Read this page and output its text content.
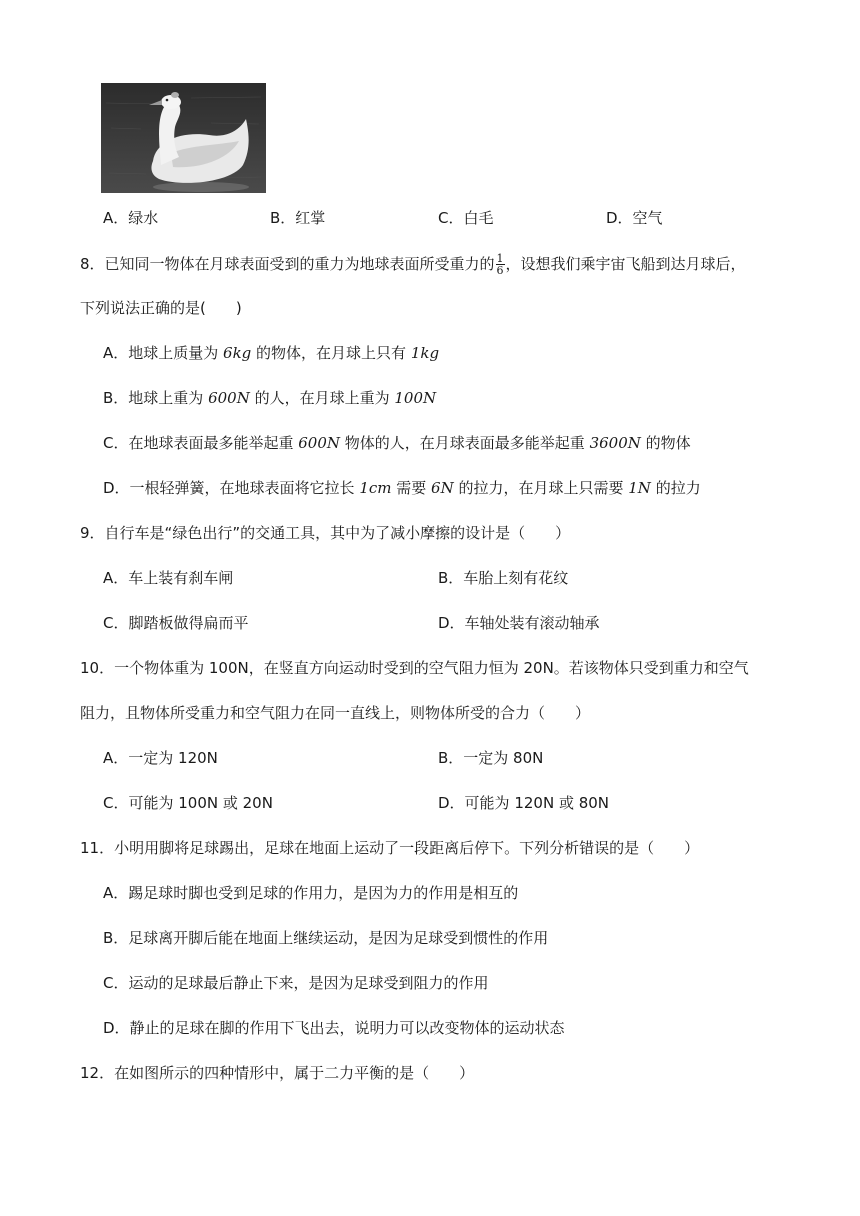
A．绿水	B．红掌	C．白毛	D．空气
8．已知同一物体在月球表面受到的重力为地球表面所受重力的 $\frac{1}{6}$ ，设想我们乘宇宙飞船到达月球后，
下列说法正确的是(　　)
A．地球上质量为 6kg 的物体，在月球上只有 1kg
B．地球上重为 600N 的人，在月球上重为 100N
C．在地球表面最多能举起重 600N 物体的人，在月球表面最多能举起重 3600N 的物体
D．一根轻弹簧，在地球表面将它拉长 1cm 需要 6N 的拉力，在月球上只需要 1N 的拉力
9．自行车是“绿色出行”的交通工具，其中为了减小摩擦的设计是（　　）
A．车上装有刹车闸	B．车胎上刻有花纹
C．脚踏板做得扁而平	D．车轴处装有滚动轴承
10．一个物体重为 100N，在竖直方向运动时受到的空气阻力恒为 20N。若该物体只受到重力和空气
阻力，且物体所受重力和空气阻力在同一直线上，则物体所受的合力（　　）
A．一定为 120N	B．一定为 80N
C．可能为 100N 或 20N	D．可能为 120N 或 80N
11．小明用脚将足球踢出，足球在地面上运动了一段距离后停下。下列分析错误的是（　　）
A．踢足球时脚也受到足球的作用力，是因为力的作用是相互的
B．足球离开脚后能在地面上继续运动，是因为足球受到惯性的作用
C．运动的足球最后静止下来，是因为足球受到阻力的作用
D．静止的足球在脚的作用下飞出去，说明力可以改变物体的运动状态
12．在如图所示的四种情形中，属于二力平衡的是（　　）
